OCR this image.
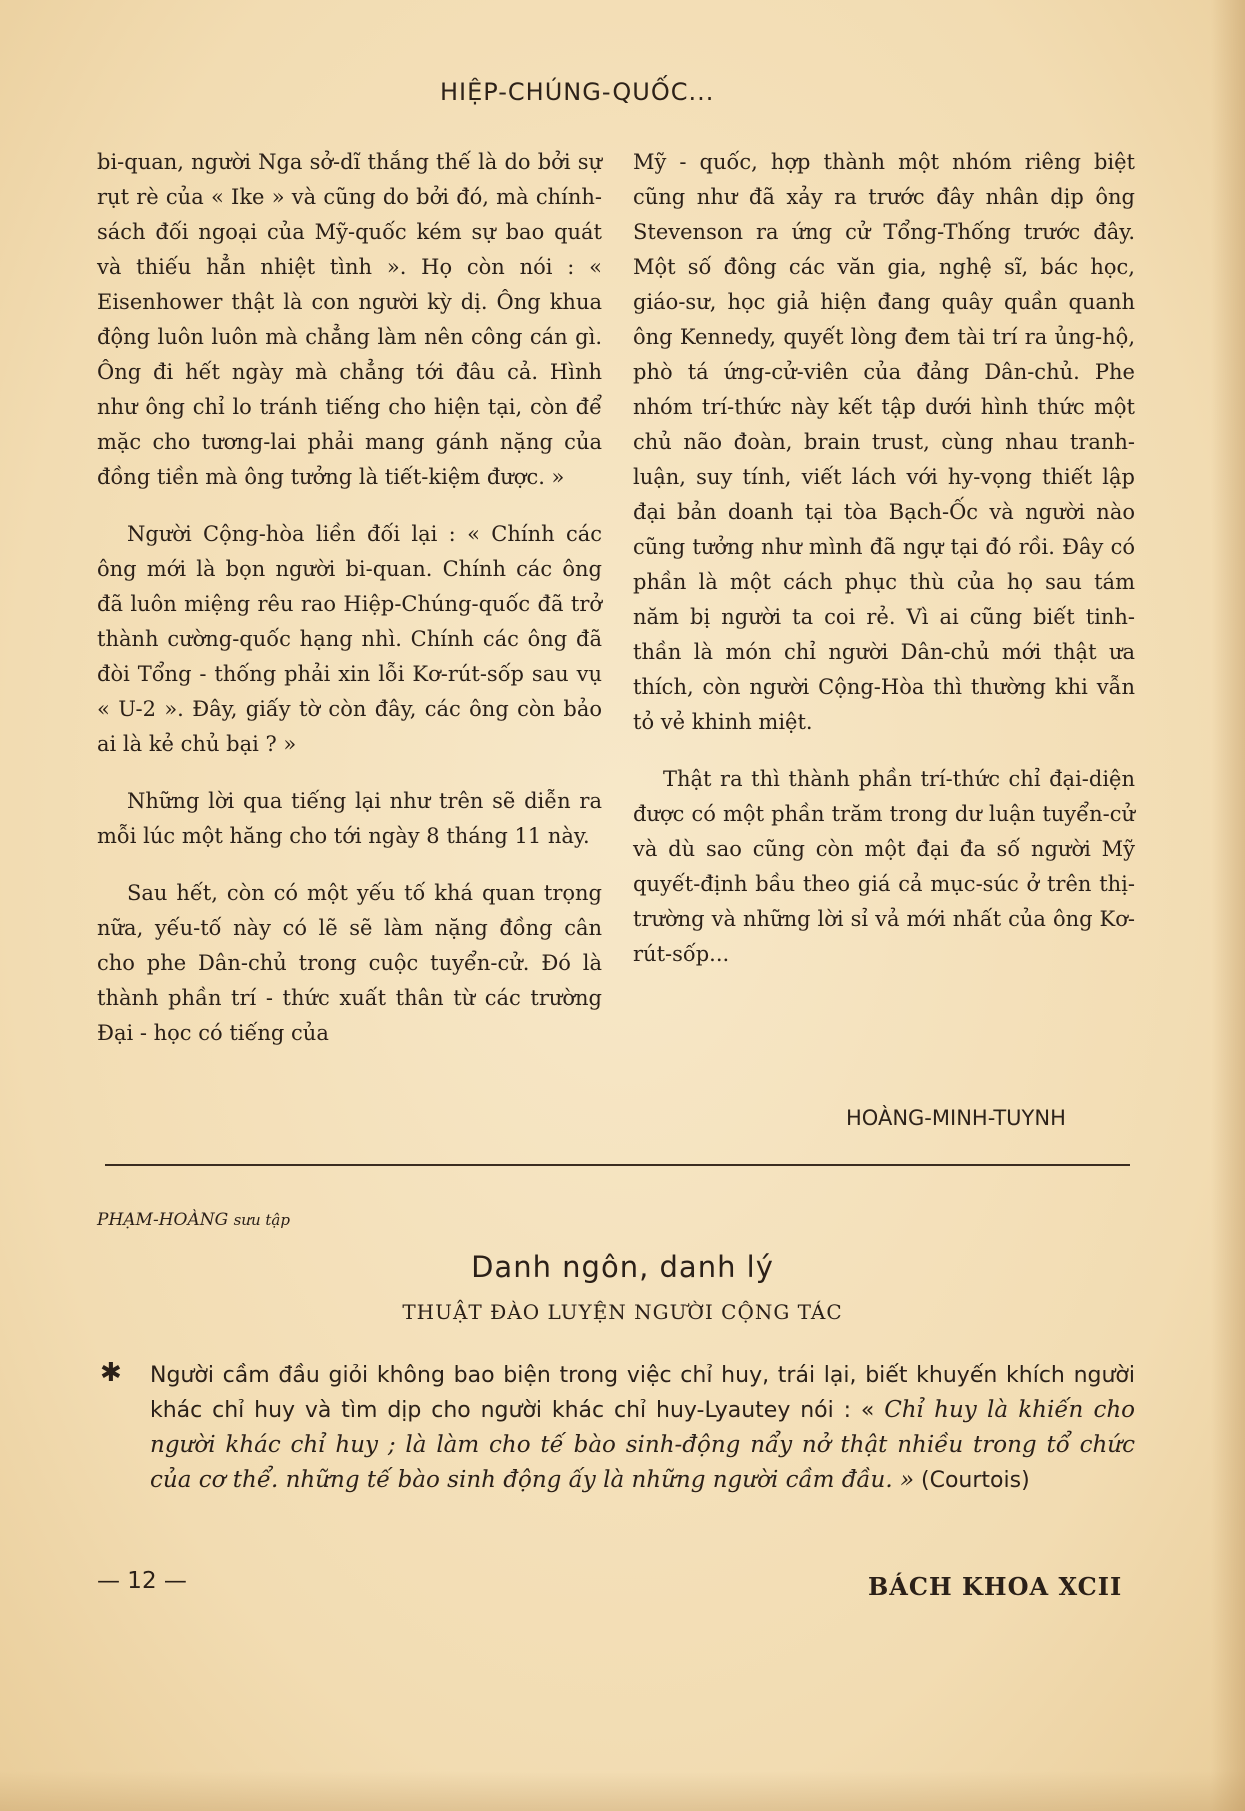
HIỆP-CHÚNG-QUỐC...

bi-quan, người Nga sở-dĩ thắng thế là do bởi sự rụt rè của « Ike » và cũng do bởi đó, mà chính-sách đối ngoại của Mỹ-quốc kém sự bao quát và thiếu hẳn nhiệt tình ». Họ còn nói : « Eisenhower thật là con người kỳ dị. Ông khua động luôn luôn mà chẳng làm nên công cán gì. Ông đi hết ngày mà chẳng tới đâu cả. Hình như ông chỉ lo tránh tiếng cho hiện tại, còn để mặc cho tương-lai phải mang gánh nặng của đồng tiền mà ông tưởng là tiết-kiệm được. »

Người Cộng-hòa liền đối lại : « Chính các ông mới là bọn người bi-quan. Chính các ông đã luôn miệng rêu rao Hiệp-Chúng-quốc đã trở thành cường-quốc hạng nhì. Chính các ông đã đòi Tổng - thống phải xin lỗi Kơ-rút-sốp sau vụ « U-2 ». Đây, giấy tờ còn đây, các ông còn bảo ai là kẻ chủ bại ? »

Những lời qua tiếng lại như trên sẽ diễn ra mỗi lúc một hăng cho tới ngày 8 tháng 11 này.

Sau hết, còn có một yếu tố khá quan trọng nữa, yếu-tố này có lẽ sẽ làm nặng đồng cân cho phe Dân-chủ trong cuộc tuyển-cử. Đó là thành phần trí - thức xuất thân từ các trường Đại - học có tiếng của

Mỹ - quốc, hợp thành một nhóm riêng biệt cũng như đã xảy ra trước đây nhân dịp ông Stevenson ra ứng cử Tổng-Thống trước đây. Một số đông các văn gia, nghệ sĩ, bác học, giáo-sư, học giả hiện đang quây quần quanh ông Kennedy, quyết lòng đem tài trí ra ủng-hộ, phò tá ứng-cử-viên của đảng Dân-chủ. Phe nhóm trí-thức này kết tập dưới hình thức một chủ não đoàn, brain trust, cùng nhau tranh-luận, suy tính, viết lách với hy-vọng thiết lập đại bản doanh tại tòa Bạch-Ốc và người nào cũng tưởng như mình đã ngự tại đó rồi. Đây có phần là một cách phục thù của họ sau tám năm bị người ta coi rẻ. Vì ai cũng biết tinh-thần là món chỉ người Dân-chủ mới thật ưa thích, còn người Cộng-Hòa thì thường khi vẫn tỏ vẻ khinh miệt.

Thật ra thì thành phần trí-thức chỉ đại-diện được có một phần trăm trong dư luận tuyển-cử và dù sao cũng còn một đại đa số người Mỹ quyết-định bầu theo giá cả mục-súc ở trên thị-trường và những lời sỉ vả mới nhất của ông Kơ-rút-sốp...

HOÀNG-MINH-TUYNH
PHẠM-HOÀNG sưu tập
Danh ngôn, danh lý
THUẬT ĐÀO LUYỆN NGƯỜI CỘNG TÁC
✱ Người cầm đầu giỏi không bao biện trong việc chỉ huy, trái lại, biết khuyến khích người khác chỉ huy và tìm dịp cho người khác chỉ huy-Lyautey nói : « Chỉ huy là khiến cho người khác chỉ huy ; là làm cho tế bào sinh-động nẩy nở thật nhiều trong tổ chức của cơ thể. những tế bào sinh động ấy là những người cầm đầu. » (Courtois)
— 12 —	BÁCH KHOA XCII
